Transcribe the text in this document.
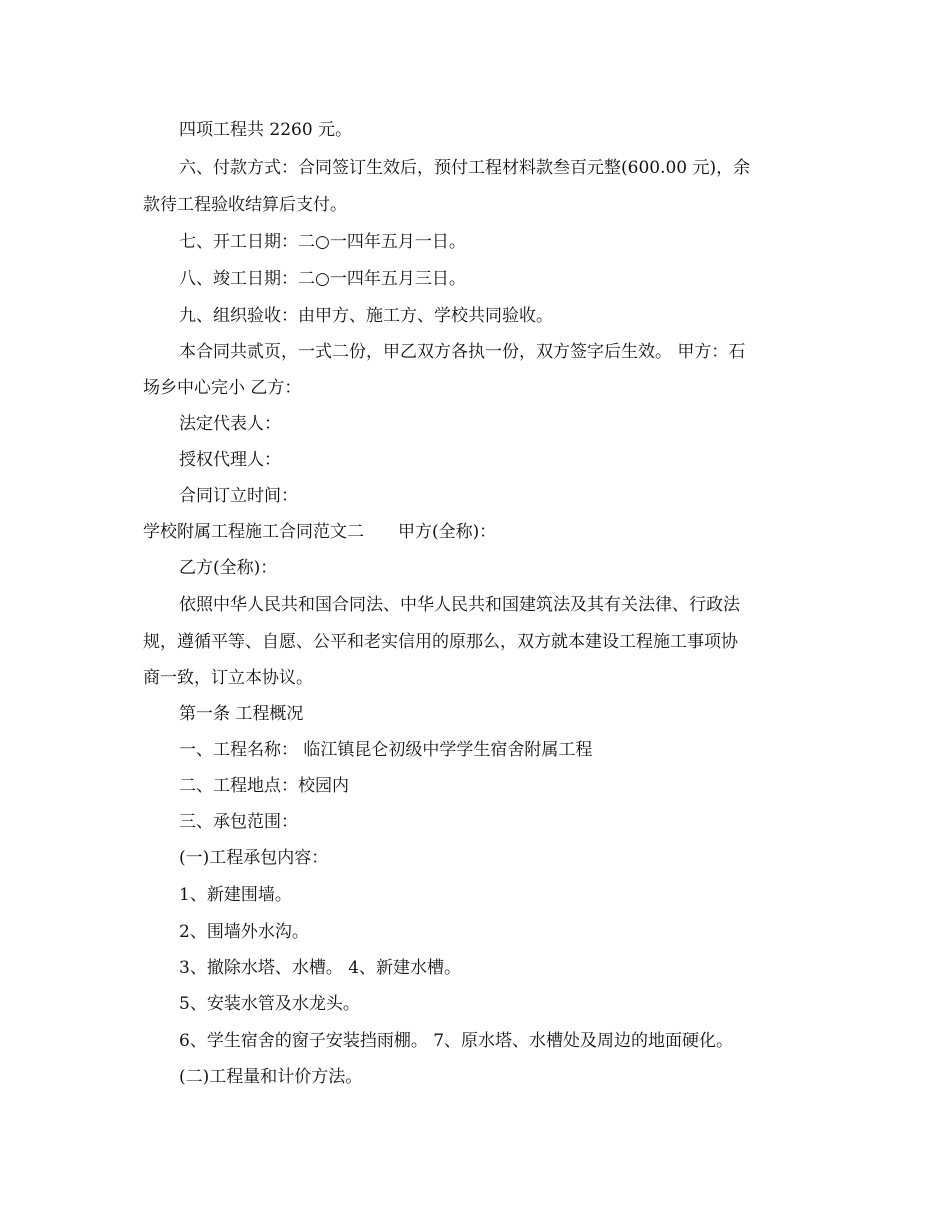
四项工程共 2260 元。
六、付款方式：合同签订生效后，预付工程材料款叁百元整(600.00 元)，余
款待工程验收结算后支付。
七、开工日期：二○一四年五月一日。
八、竣工日期：二○一四年五月三日。
九、组织验收：由甲方、施工方、学校共同验收。
本合同共贰页，一式二份，甲乙双方各执一份，双方签字后生效。 甲方：石
场乡中心完小 乙方：
法定代表人：
授权代理人：
合同订立时间：
学校附属工程施工合同范文二　　甲方(全称)：
乙方(全称)：
依照中华人民共和国合同法、中华人民共和国建筑法及其有关法律、行政法
规，遵循平等、自愿、公平和老实信用的原那么，双方就本建设工程施工事项协
商一致，订立本协议。
第一条 工程概况
一、工程名称： 临江镇昆仑初级中学学生宿舍附属工程
二、工程地点：校园内
三、承包范围：
(一)工程承包内容：
1、新建围墙。
2、围墙外水沟。
3、撤除水塔、水槽。 4、新建水槽。
5、安装水管及水龙头。
6、学生宿舍的窗子安装挡雨棚。 7、原水塔、水槽处及周边的地面硬化。
(二)工程量和计价方法。
